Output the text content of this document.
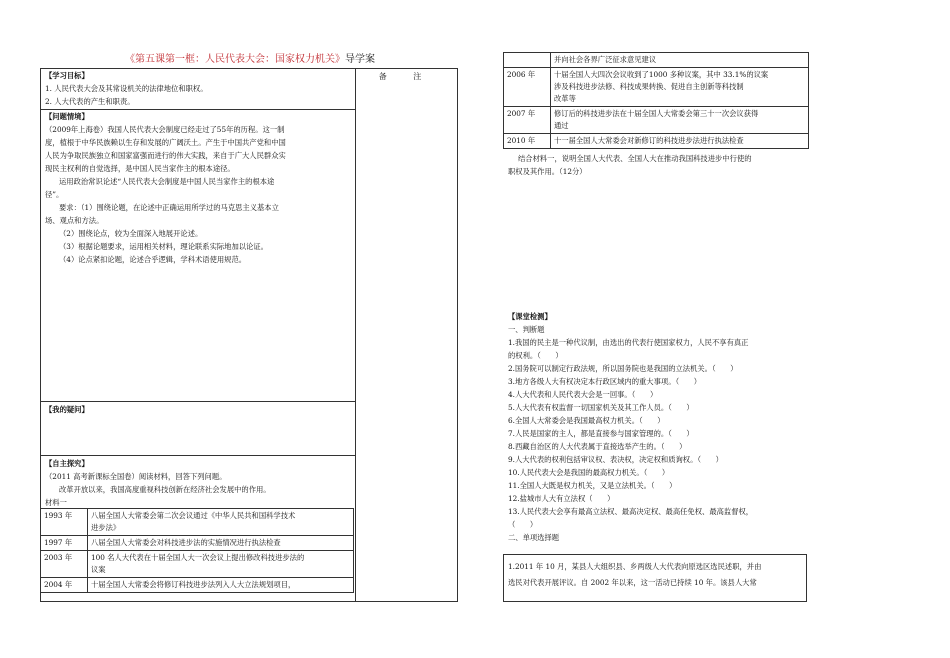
《第五课第一框：人民代表大会：国家权力机关》导学案
备 注
【学习目标】
1. 人民代表大会及其常设机关的法律地位和职权。
2. 人大代表的产生和职责。
【问题情境】
（2009年上海卷）我国人民代表大会制度已经走过了55年的历程。这一制
度，植根于中华民族赖以生存和发展的广阔沃土。产生于中国共产党和中国
人民为争取民族独立和国家富强而进行的伟大实践，来自于广大人民群众实
现民主权利的自觉选择，是中国人民当家作主的根本途径。
运用政治常识论述“人民代表大会制度是中国人民当家作主的根本途
径”。
要求：（1）围绕论题，在论述中正确运用所学过的马克思主义基本立
场、观点和方法。
（2）围绕论点，较为全面深入地展开论述。
（3）根据论题要求，运用相关材料，理论联系实际地加以论证。
（4）论点紧扣论题，论述合乎逻辑，学科术语使用规范。
【我的疑问】
【自主探究】
（2011 高考新课标全国卷）阅读材料，回答下列问题。
改革开放以来，我国高度重视科技创新在经济社会发展中的作用。
材料一
1993 年	八届全国人大常委会第二次会议通过《中华人民共和国科学技术
进步法》

1997 年	八届全国人大常委会对科技进步法的实施情况进行执法检查

2003 年	100 名人大代表在十届全国人大一次会议上提出修改科技进步法的
议案

2004 年	十届全国人大常委会将修订科技进步法列入人大立法规划项目，

	并向社会各界广泛征求意见建议

2006 年	十届全国人大四次会议收到了1000 多种议案，其中 33.1%的议案
涉及科技进步法修、科技成果转换、促进自主创新等科技制
改革等

2007 年	修订后的科技进步法在十届全国人大常委会第三十一次会议获得
通过

2010 年	十一届全国人大常委会对新修订的科技进步法进行执法检查
结合材料一，说明全国人大代表、全国人大在推动我国科技进步中行使的
职权及其作用。（12分）
【课堂检测】
一、判断题
1.我国的民主是一种代议制，由选出的代表行使国家权力，人民不享有真正
的权利。（　　）
2.国务院可以制定行政法规，所以国务院也是我国的立法机关。（　　）
3.地方各级人大有权决定本行政区域内的重大事项。（　　）
4.人大代表和人民代表大会是一回事。（　　）
5.人大代表有权监督一切国家机关及其工作人员。（　　）
6.全国人大常委会是我国最高权力机关。（　　）
7.人民是国家的主人，都是直接参与国家管理的。（　　）
8.西藏自治区的人大代表属于直接选举产生的。（　　）
9.人大代表的权利包括审议权、表决权，决定权和质询权。（　　）
10.人民代表大会是我国的最高权力机关。（　　）
11.全国人大既是权力机关，又是立法机关。（　　）
12.盐城市人大有立法权（　　）
13.人民代表大会享有最高立法权、最高决定权、最高任免权、最高监督权，
（　　）
二、单项选择题
1.2011 年 10 月，某县人大组织县、乡两级人大代表向原选区选民述职，并由
选民对代表开展评议。自 2002 年以来，这一活动已持续 10 年。该县人大常
